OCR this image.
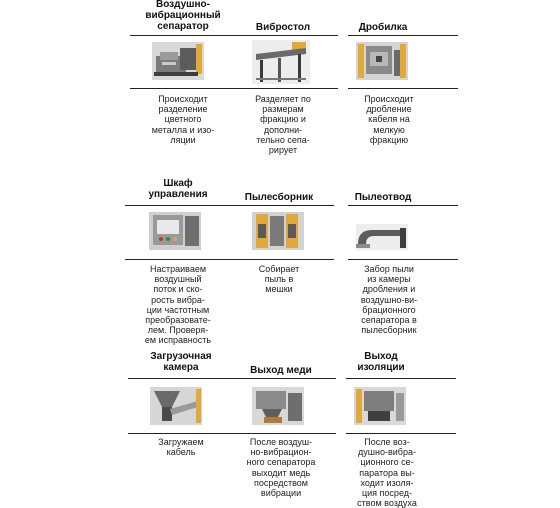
Воздушно-
вибрационный
сепаратор
Происходит
разделение
цветного
металла и изо-
ляции
Вибростол
Разделяет по
размерам
фракцию и
дополни-
тельно сепа-
рирует
Дробилка
Происходит
дробление
кабеля на
мелкую
фракцию
Шкаф
управления
Настраиваем
воздушный
поток и ско-
рость вибра-
ции частотным
преобразовате-
лем. Проверя-
ем исправность
Пылесборник
Собирает
пыль в
мешки
Пылеотвод
Забор пыли
из камеры
дробления и
воздушно-ви-
брационного
сепаратора в
пылесборник
Загрузочная
камера
Загружаем
кабель
Выход меди
После воздуш-
но-вибрацион-
ного сепаратора
выходит медь
посредством
вибрации
Выход
изоляции
После воз-
душно-вибра-
ционного се-
паратора вы-
ходит изоля-
ция посред-
ством воздуха
